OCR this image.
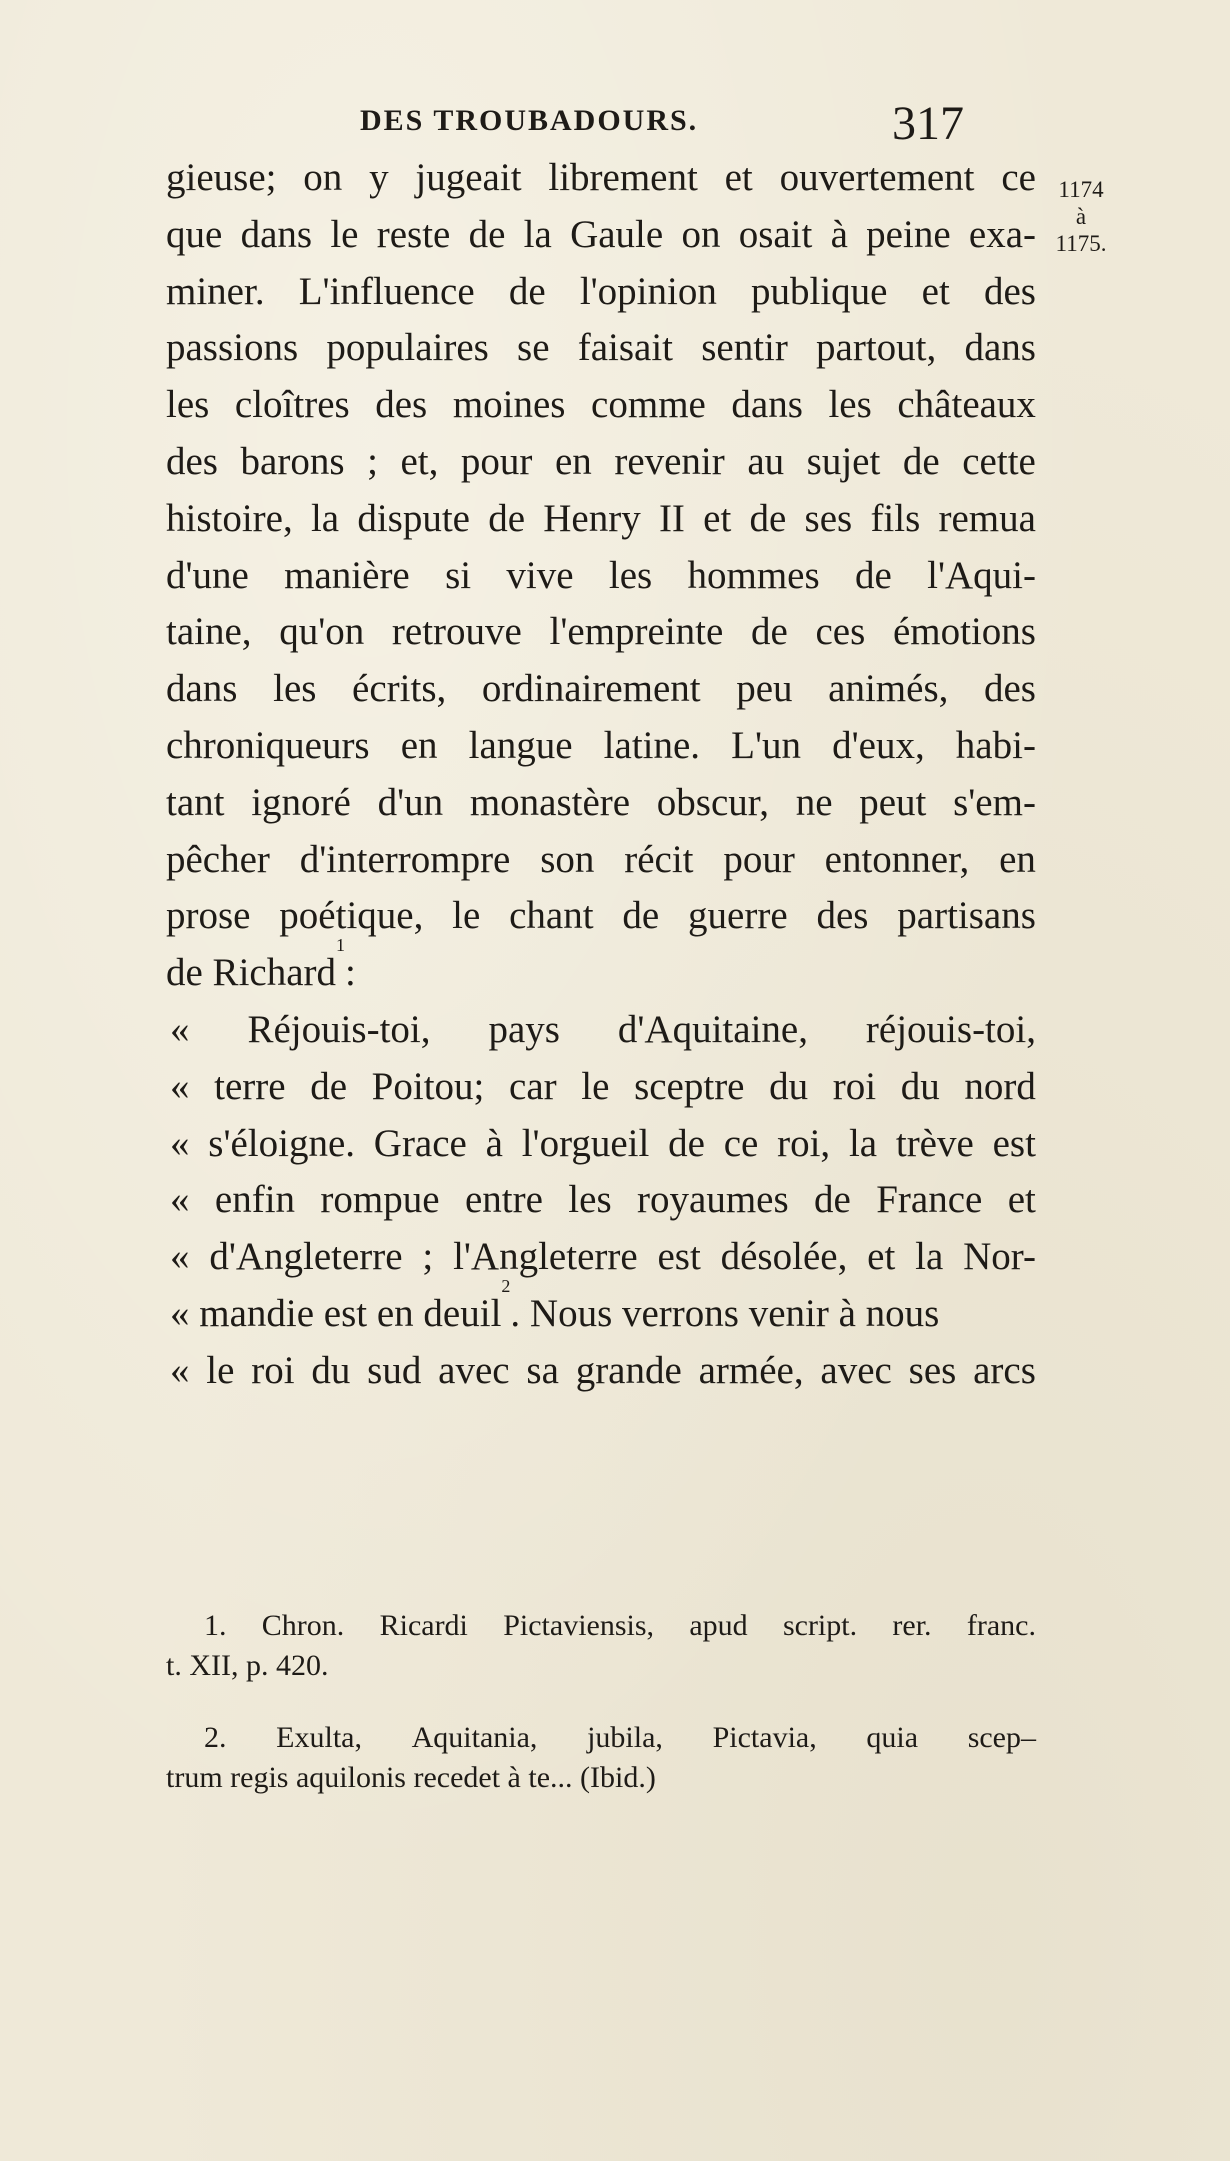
DES TROUBADOURS.	317
1174
à
1175.
gieuse; on y jugeait librement et ouvertement ce
que dans le reste de la Gaule on osait à peine exa-
miner. L'influence de l'opinion publique et des
passions populaires se faisait sentir partout, dans
les cloîtres des moines comme dans les châteaux
des barons ; et, pour en revenir au sujet de cette
histoire, la dispute de Henry II et de ses fils remua
d'une manière si vive les hommes de l'Aqui-
taine, qu'on retrouve l'empreinte de ces émotions
dans les écrits, ordinairement peu animés, des
chroniqueurs en langue latine. L'un d'eux, habi-
tant ignoré d'un monastère obscur, ne peut s'em-
pêcher d'interrompre son récit pour entonner, en
prose poétique, le chant de guerre des partisans
de Richard
1
:
« Réjouis-toi, pays d'Aquitaine, réjouis-toi,
« terre de Poitou; car le sceptre du roi du nord
« s'éloigne. Grace à l'orgueil de ce roi, la trève est
« enfin rompue entre les royaumes de France et
« d'Angleterre ; l'Angleterre est désolée, et la Nor-
« mandie est en deuil
2
. Nous verrons venir à nous
« le roi du sud avec sa grande armée, avec ses arcs
1. Chron. Ricardi Pictaviensis, apud script. rer. franc.
t. XII, p. 420.
2. Exulta, Aquitania, jubila, Pictavia, quia scep–
trum regis aquilonis recedet à te... (Ibid.)
